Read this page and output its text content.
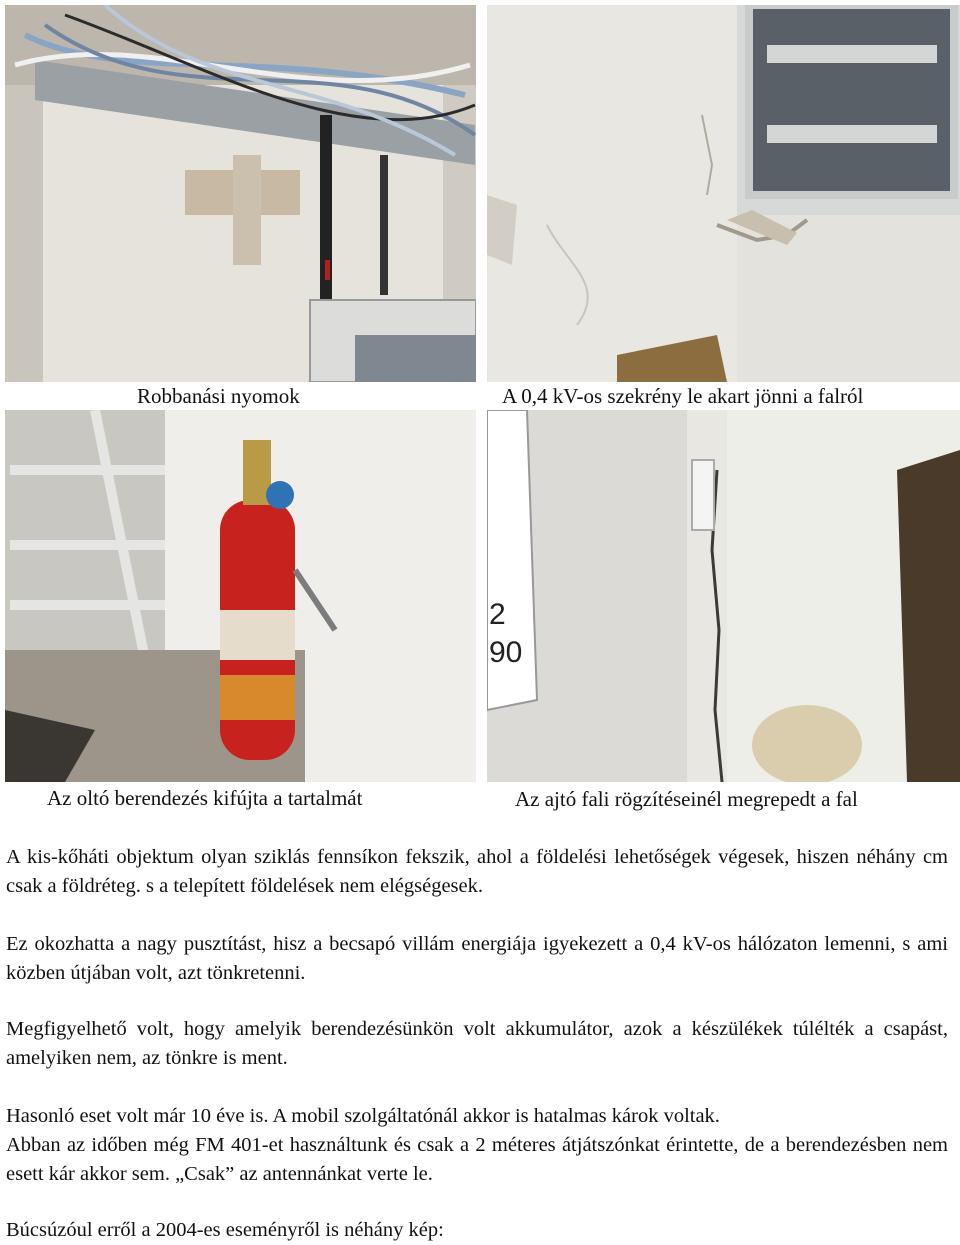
Robbanási nyomok	A 0,4 kV-os szekrény le akart jönni a falról
2
90
Az oltó berendezés kifújta a tartalmát	Az ajtó fali rögzítéseinél megrepedt a fal

A kis-kőháti objektum olyan sziklás fennsíkon fekszik, ahol a földelési lehetőségek végesek, hiszen néhány cm csak a földréteg. s a telepített földelések nem elégségesek.

Ez okozhatta a nagy pusztítást, hisz a becsapó villám energiája igyekezett a 0,4 kV-os hálózaton lemenni, s ami közben útjában volt, azt tönkretenni.

Megfigyelhető volt, hogy amelyik berendezésünkön volt akkumulátor, azok a készülékek túlélték a csapást, amelyiken nem, az tönkre is ment.

Hasonló eset volt már 10 éve is. A mobil szolgáltatónál akkor is hatalmas károk voltak.

Abban az időben még FM 401-et használtunk és csak a 2 méteres átjátszónkat érintette, de a berendezésben nem esett kár akkor sem. „Csak” az antennánkat verte le.

Búcsúzóul erről a 2004-es eseményről is néhány kép:
